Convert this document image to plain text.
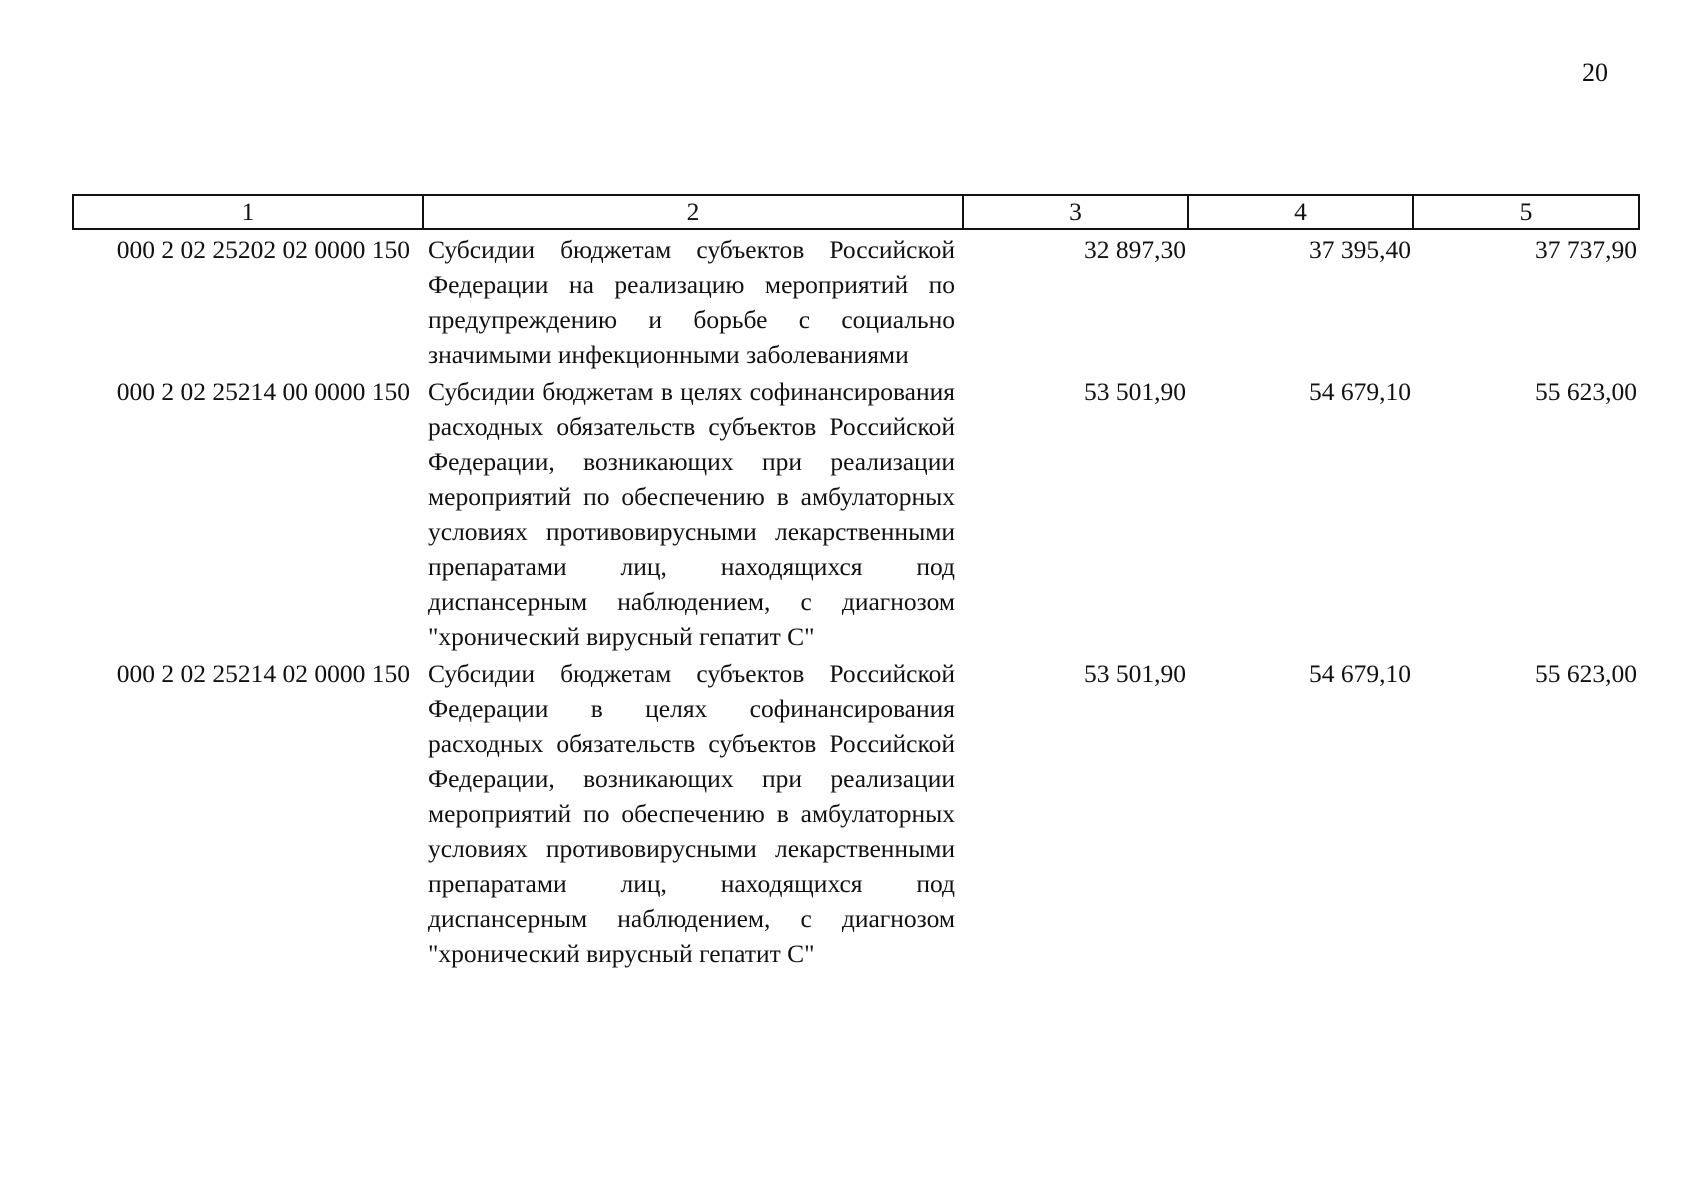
20
1	2	3	4	5
000 2 02 25202 02 0000 150	Субсидии бюджетам субъектов Российской Федерации на реализацию мероприятий по предупреждению и борьбе с социально значимыми инфекционными заболеваниями	32 897,30	37 395,40	37 737,90
000 2 02 25214 00 0000 150	Субсидии бюджетам в целях софинансирования расходных обязательств субъектов Российской Федерации, возникающих при реализации мероприятий по обеспечению в амбулаторных условиях противовирусными лекарственными препаратами лиц, находящихся под диспансерным наблюдением, с диагнозом "хронический вирусный гепатит С"	53 501,90	54 679,10	55 623,00
000 2 02 25214 02 0000 150	Субсидии бюджетам субъектов Российской Федерации в целях софинансирования расходных обязательств субъектов Российской Федерации, возникающих при реализации мероприятий по обеспечению в амбулаторных условиях противовирусными лекарственными препаратами лиц, находящихся под диспансерным наблюдением, с диагнозом "хронический вирусный гепатит С"	53 501,90	54 679,10	55 623,00
